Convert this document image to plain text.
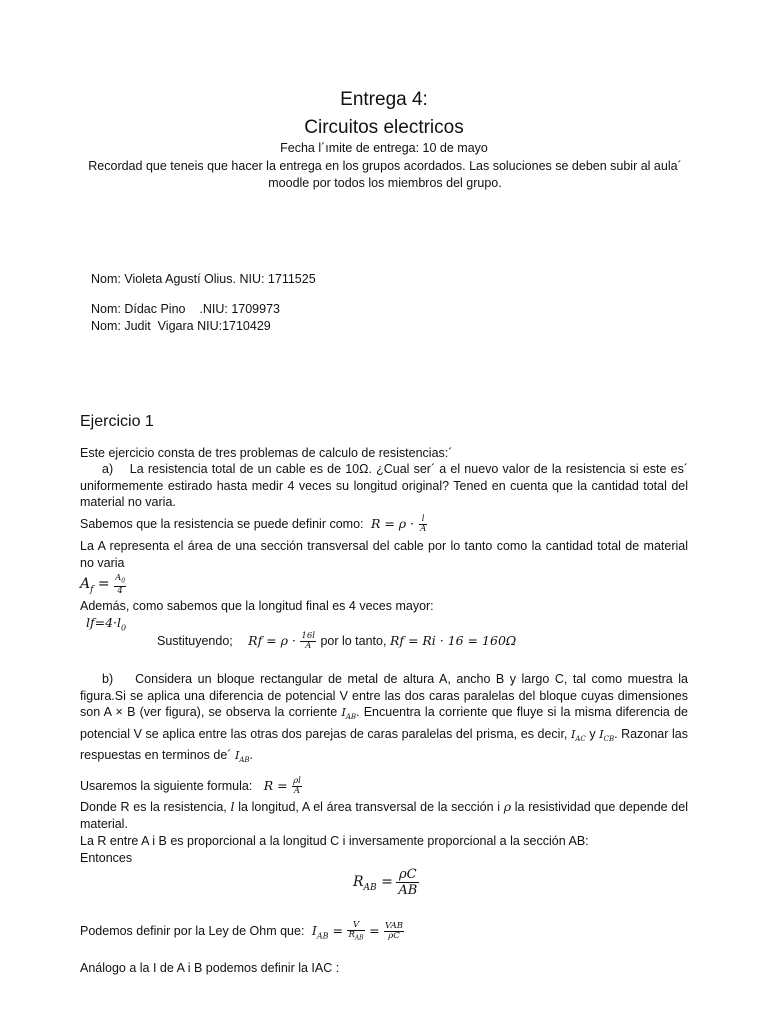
Entrega 4:
Circuitos electricos
Fecha l´ımite de entrega: 10 de mayo
Recordad que teneis que hacer la entrega en los grupos acordados. Las soluciones se deben subir al aula´ moodle por todos los miembros del grupo.
Nom: Violeta Agustí Olius. NIU: 1711525
Nom: Dídac Pino    .NIU: 1709973
Nom: Judit  Vigara NIU:1710429
Ejercicio 1
Este ejercicio consta de tres problemas de calculo de resistencias:´
a) La resistencia total de un cable es de 10Ω. ¿Cual ser´ a el nuevo valor de la resistencia si este es´ uniformemente estirado hasta medir 4 veces su longitud original? Tened en cuenta que la cantidad total del material no varia.
Sabemos que la resistencia se puede definir como:  $R = \rho \cdot \frac{l}{A}$
La A representa el área de una sección transversal del cable por lo tanto como la cantidad total de material no varia
$A_f = \frac{A_0}{4}$
Además, como sabemos que la longitud final es 4 veces mayor:
$lf=4\cdot l_0$
Sustituyendo;    $Rf = \rho \cdot \frac{16l}{A}$ por lo tanto, Rf = Ri · 16 = 160Ω
b) Considera un bloque rectangular de metal de altura A, ancho B y largo C, tal como muestra la figura.Si se aplica una diferencia de potencial V entre las dos caras paralelas del bloque cuyas dimensiones son A × B (ver figura), se observa la corriente $I_{AB}$. Encuentra la corriente que fluye si la misma diferencia de potencial V se aplica entre las otras dos parejas de caras paralelas del prisma, es decir, $I_{AC}$ y $I_{CB}$. Razonar las respuestas en terminos de´ $I_{AB}$.
Usaremos la siguiente formula:   $R = \frac{\rho l}{A}$
Donde R es la resistencia, l la longitud, A el área transversal de la sección i ρ la resistividad que depende del material.
La R entre A i B es proporcional a la longitud C i inversamente proporcional a la sección AB:
Entonces
$R_{AB} = \frac{\rho C}{AB}$
Podemos definir por la Ley de Ohm que:  $I_{AB} = \frac{V}{R_{AB}} = \frac{\text{VAB}}{\rho C}$
Análogo a la I de A i B podemos definir la IAC :
